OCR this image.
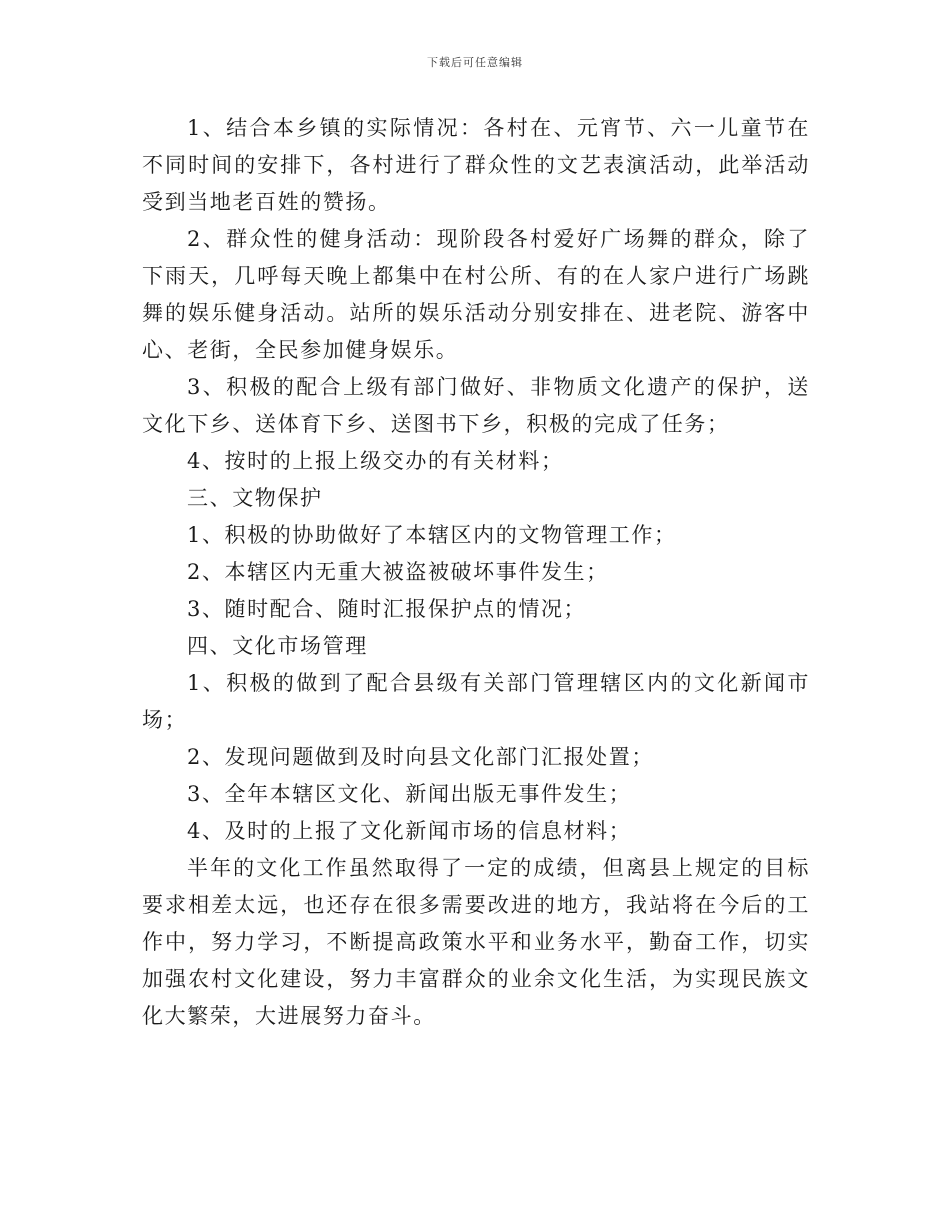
下载后可任意编辑

1、结合本乡镇的实际情况：各村在、元宵节、六一儿童节在不同时间的安排下，各村进行了群众性的文艺表演活动，此举活动受到当地老百姓的赞扬。

2、群众性的健身活动：现阶段各村爱好广场舞的群众，除了下雨天，几呼每天晚上都集中在村公所、有的在人家户进行广场跳舞的娱乐健身活动。站所的娱乐活动分别安排在、进老院、游客中心、老街，全民参加健身娱乐。

3、积极的配合上级有部门做好、非物质文化遗产的保护，送文化下乡、送体育下乡、送图书下乡，积极的完成了任务；

4、按时的上报上级交办的有关材料；

三、文物保护

1、积极的协助做好了本辖区内的文物管理工作；

2、本辖区内无重大被盗被破坏事件发生；

3、随时配合、随时汇报保护点的情况；

四、文化市场管理

1、积极的做到了配合县级有关部门管理辖区内的文化新闻市场；

2、发现问题做到及时向县文化部门汇报处置；

3、全年本辖区文化、新闻出版无事件发生；

4、及时的上报了文化新闻市场的信息材料；

半年的文化工作虽然取得了一定的成绩，但离县上规定的目标要求相差太远，也还存在很多需要改进的地方，我站将在今后的工作中，努力学习，不断提高政策水平和业务水平，勤奋工作，切实加强农村文化建设，努力丰富群众的业余文化生活，为实现民族文化大繁荣，大进展努力奋斗。
